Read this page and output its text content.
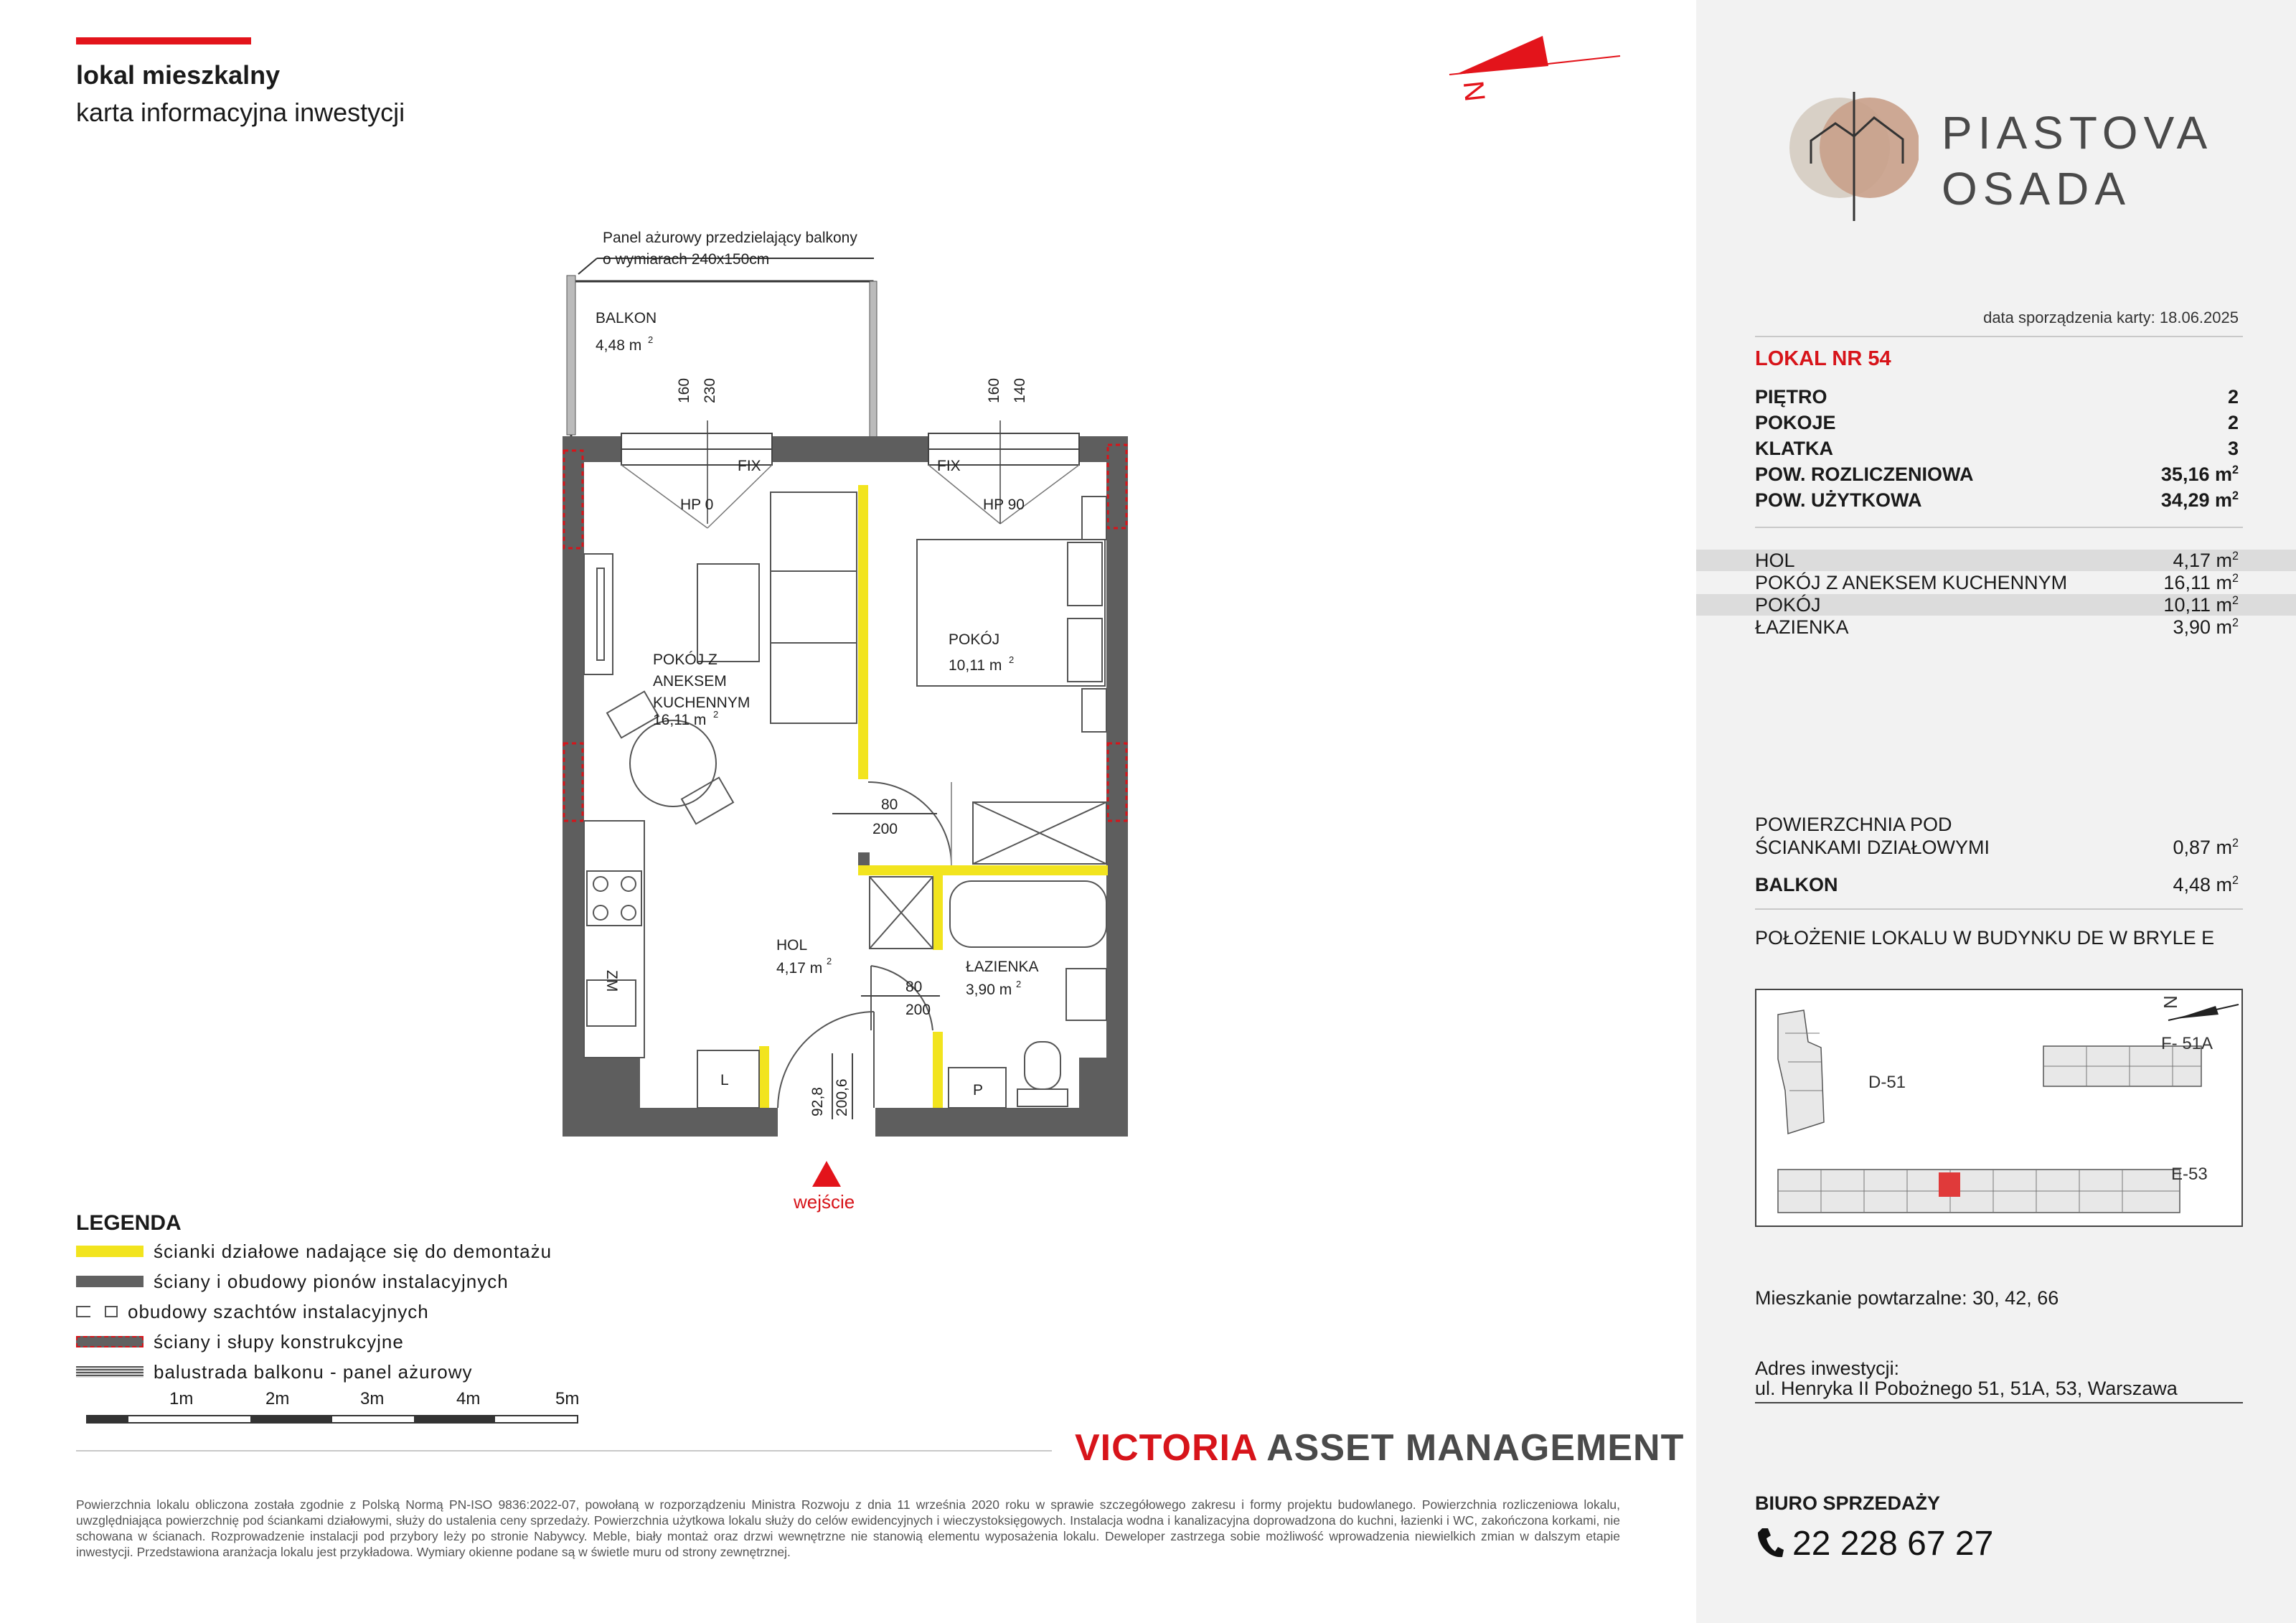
lokal mieszkalny
karta informacyjna inwestycji
N
Panel ażurowy przedzielający balkony
o wymiarach 240x150cm
BALKON
4,48 m 2
160 230	160 140
FIX	FIX
HP 0	HP 90
POKÓJ Z
ANEKSEM
KUCHENNYM
16,11 m 2
POKÓJ
10,11 m 2
80
200
HOL
4,17 m 2	ŁAZIENKA
3,90 m 2
80
200
ZM
L
P
92,8 200,6
wejście
LEGENDA
ścianki działowe nadające się do demontażu
ściany i obudowy pionów instalacyjnych
obudowy szachtów instalacyjnych
ściany i słupy konstrukcyjne
balustrada balkonu - panel ażurowy
1m	2m	3m	4m	5m
VICTORIA ASSET MANAGEMENT
Powierzchnia lokalu obliczona została zgodnie z Polską Normą PN-ISO 9836:2022-07, powołaną w rozporządzeniu Ministra Rozwoju z dnia 11 września 2020 roku w sprawie szczegółowego zakresu i formy projektu budowlanego. Powierzchnia rozliczeniowa lokalu, uwzględniająca powierzchnię pod ściankami działowymi, służy do ustalenia ceny sprzedaży. Powierzchnia użytkowa lokalu służy do celów ewidencyjnych i wieczystoksięgowych. Instalacja wodna i kanalizacyjna doprowadzona do kuchni, łazienki i WC, zakończona korkami, nie schowana w ścianach. Rozprowadzenie instalacji pod przybory leży po stronie Nabywcy. Meble, biały montaż oraz drzwi wewnętrzne nie stanowią elementu wyposażenia lokalu. Deweloper zastrzega sobie możliwość wprowadzenia niewielkich zmian w dalszym etapie inwestycji. Przedstawiona aranżacja lokalu jest przykładowa. Wymiary okienne podane są w świetle muru od strony zewnętrznej.
PIASTOVA
OSADA
data sporządzenia karty: 18.06.2025
LOKAL NR 54
PIĘTRO	2
POKOJE	2
KLATKA	3
POW. ROZLICZENIOWA	35,16 $m^2$
POW. UŻYTKOWA	34,29 $m^2$
HOL	4,17 $m^2$
POKÓJ Z ANEKSEM KUCHENNYM	16,11 $m^2$
POKÓJ	10,11 $m^2$
ŁAZIENKA	3,90 $m^2$
POWIERZCHNIA POD
ŚCIANKAMI DZIAŁOWYMI	0,87 $m^2$
BALKON	4,48 $m^2$
POŁOŻENIE LOKALU W BUDYNKU DE W BRYLE E
D-51
F- 51A
E-53
N
Mieszkanie powtarzalne: 30, 42, 66
Adres inwestycji:
ul. Henryka II Pobożnego 51, 51A, 53, Warszawa
BIURO SPRZEDAŻY
22 228 67 27
